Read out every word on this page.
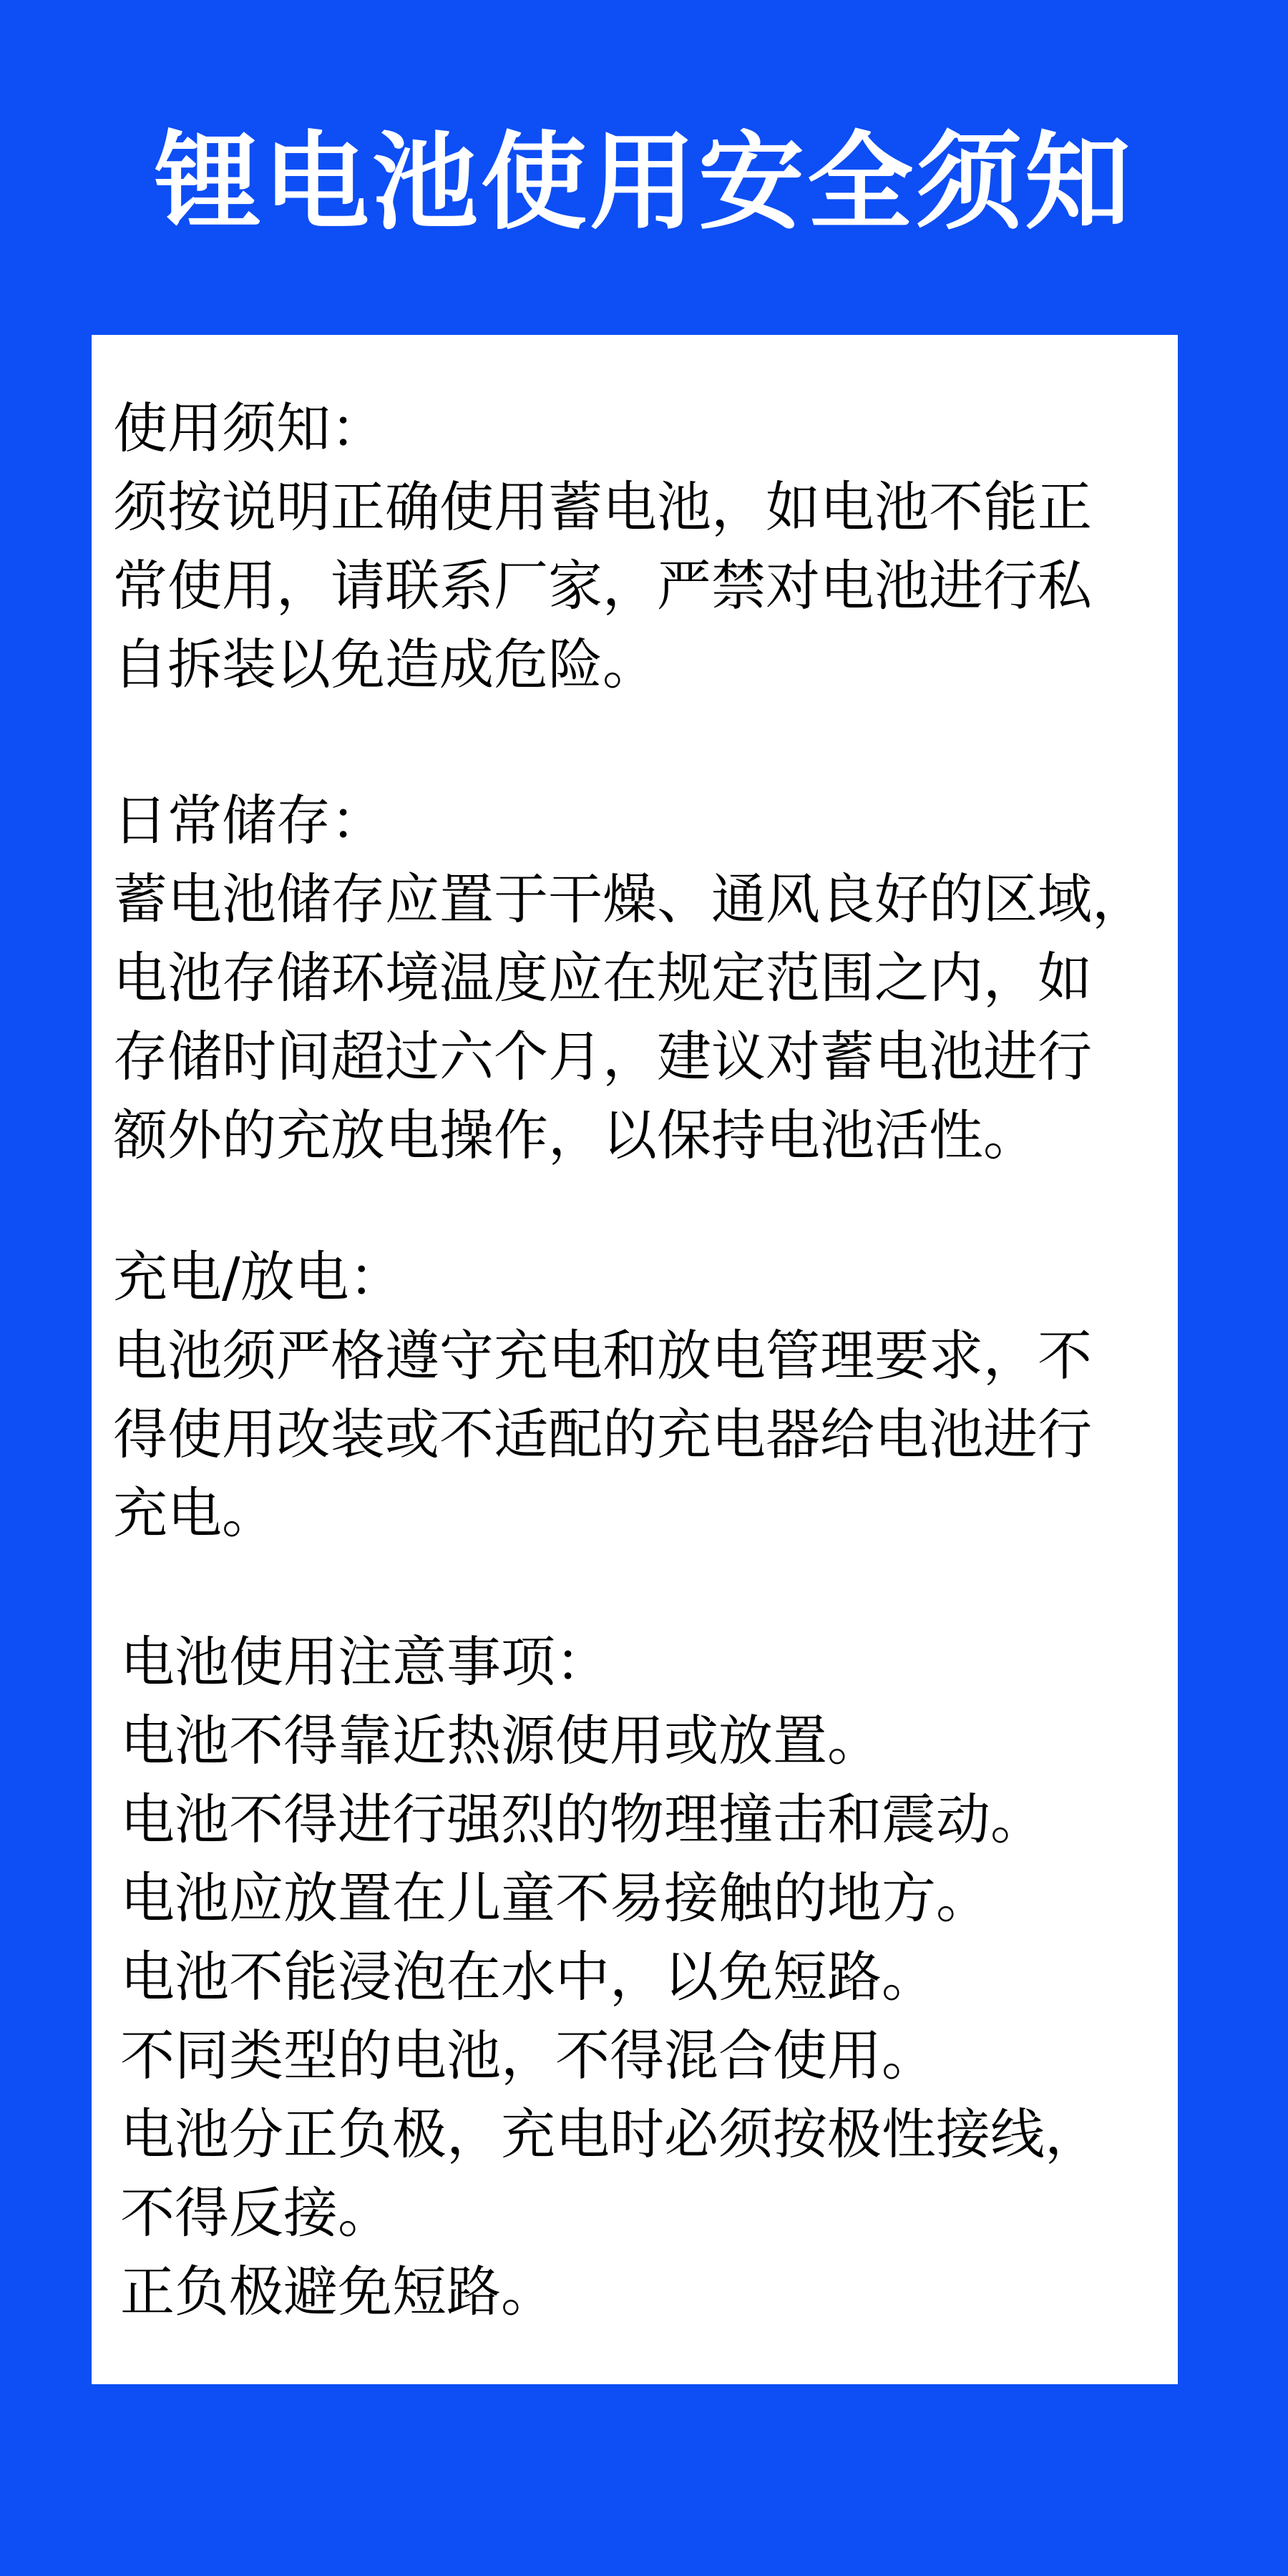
锂电池使用安全须知
使用须知：
须按说明正确使用蓄电池，如电池不能正
常使用，请联系厂家，严禁对电池进行私
自拆装以免造成危险。
日常储存：
蓄电池储存应置于干燥、通风良好的区域，
电池存储环境温度应在规定范围之内，如
存储时间超过六个月，建议对蓄电池进行
额外的充放电操作，以保持电池活性。
充电/放电：
电池须严格遵守充电和放电管理要求，不
得使用改装或不适配的充电器给电池进行
充电。
电池使用注意事项：
电池不得靠近热源使用或放置。
电池不得进行强烈的物理撞击和震动。
电池应放置在儿童不易接触的地方。
电池不能浸泡在水中，以免短路。
不同类型的电池，不得混合使用。
电池分正负极，充电时必须按极性接线，
不得反接。
正负极避免短路。
